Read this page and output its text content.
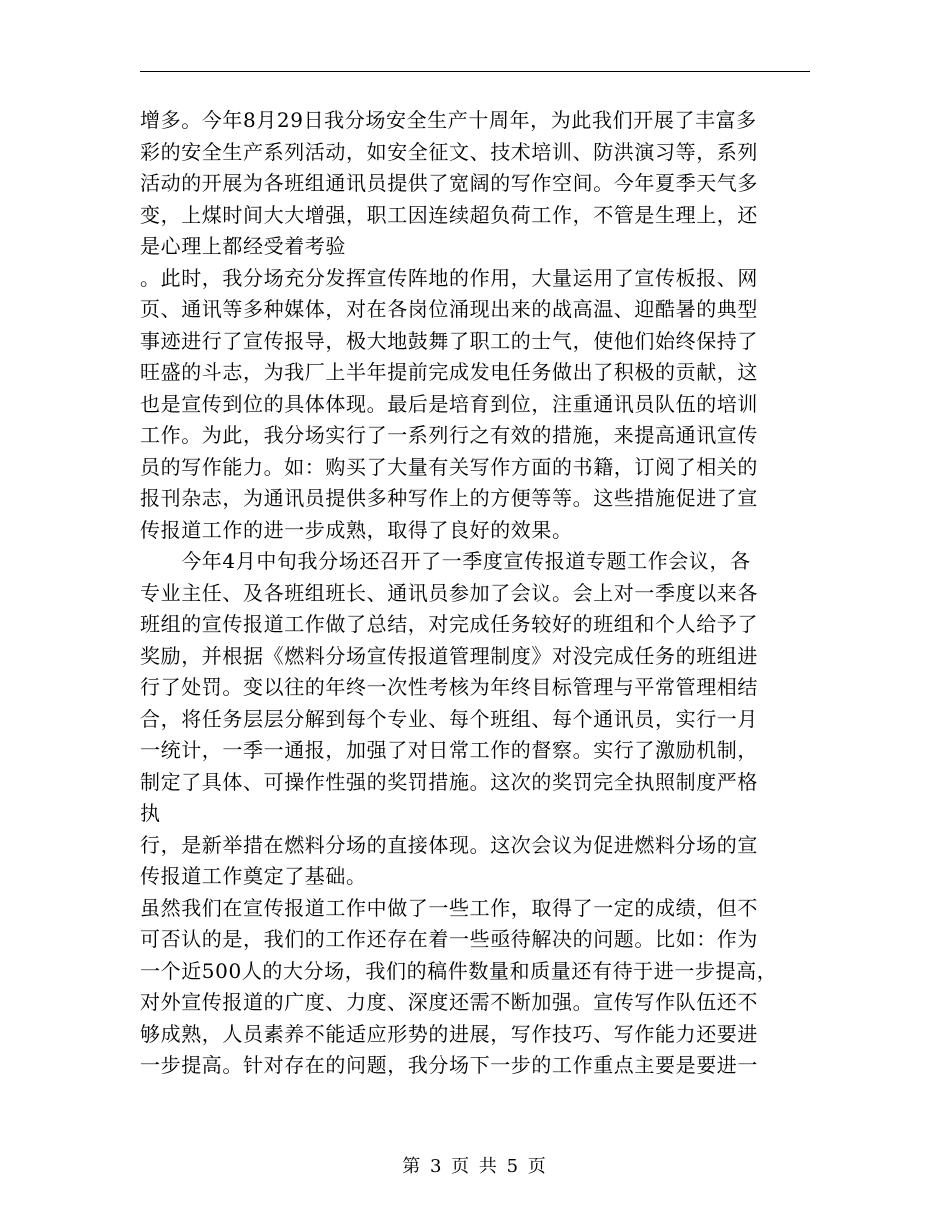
增多。今年8月29日我分场安全生产十周年，为此我们开展了丰富多
彩的安全生产系列活动，如安全征文、技术培训、防洪演习等，系列
活动的开展为各班组通讯员提供了宽阔的写作空间。今年夏季天气多
变，上煤时间大大增强，职工因连续超负荷工作，不管是生理上，还
是心理上都经受着考验
。此时，我分场充分发挥宣传阵地的作用，大量运用了宣传板报、网
页、通讯等多种媒体，对在各岗位涌现出来的战高温、迎酷暑的典型
事迹进行了宣传报导，极大地鼓舞了职工的士气，使他们始终保持了
旺盛的斗志，为我厂上半年提前完成发电任务做出了积极的贡献，这
也是宣传到位的具体体现。最后是培育到位，注重通讯员队伍的培训
工作。为此，我分场实行了一系列行之有效的措施，来提高通讯宣传
员的写作能力。如：购买了大量有关写作方面的书籍，订阅了相关的
报刊杂志，为通讯员提供多种写作上的方便等等。这些措施促进了宣
传报道工作的进一步成熟，取得了良好的效果。
　　今年4月中旬我分场还召开了一季度宣传报道专题工作会议，各
专业主任、及各班组班长、通讯员参加了会议。会上对一季度以来各
班组的宣传报道工作做了总结，对完成任务较好的班组和个人给予了
奖励，并根据《燃料分场宣传报道管理制度》对没完成任务的班组进
行了处罚。变以往的年终一次性考核为年终目标管理与平常管理相结
合，将任务层层分解到每个专业、每个班组、每个通讯员，实行一月
一统计，一季一通报，加强了对日常工作的督察。实行了激励机制，
制定了具体、可操作性强的奖罚措施。这次的奖罚完全执照制度严格
执
行，是新举措在燃料分场的直接体现。这次会议为促进燃料分场的宣
传报道工作奠定了基础。
虽然我们在宣传报道工作中做了一些工作，取得了一定的成绩，但不
可否认的是，我们的工作还存在着一些亟待解决的问题。比如：作为
一个近500人的大分场，我们的稿件数量和质量还有待于进一步提高，
对外宣传报道的广度、力度、深度还需不断加强。宣传写作队伍还不
够成熟，人员素养不能适应形势的进展，写作技巧、写作能力还要进
一步提高。针对存在的问题，我分场下一步的工作重点主要是要进一
第 3 页 共 5 页
